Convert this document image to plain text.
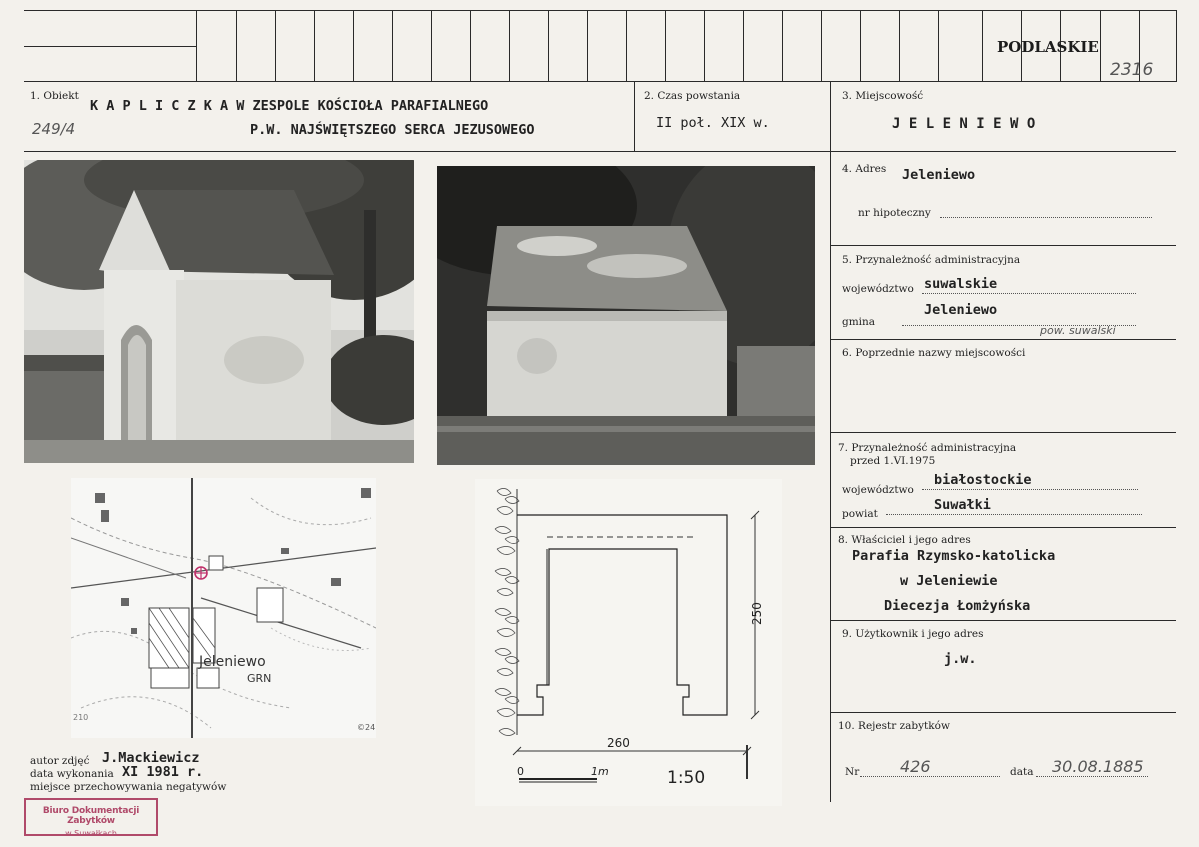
PODLASKIE
2316
1. Obiekt
249/4
K A P L I C Z K A W ZESPOLE KOŚCIOŁA PARAFIALNEGO
P.W. NAJŚWIĘTSZEGO SERCA JEZUSOWEGO
2. Czas powstania
II poł. XIX w.
3. Miejscowość
J E L E N I E W O
4. Adres Jeleniewo
nr hipoteczny
5. Przynależność administracyjna
województwo suwalskie
gmina
Jeleniewo
pow. suwalski
6. Poprzednie nazwy miejscowości
7. Przynależność administracyjna
przed 1.VI.1975
województwo
białostockie
powiat
Suwałki
8. Właściciel i jego adres
Parafia Rzymsko-katolicka
w Jeleniewie
Diecezja Łomżyńska
9. Użytkownik i jego adres
j.w.
10. Rejestr zabytków
Nr	426	data 30.08.1885
Jeleniewo
GRN
210
©24
250
260
0	1m	1:50
autor zdjęć J.Mackiewicz
data wykonania XI 1981 r.
miejsce przechowywania negatywów
Biuro Dokumentacji Zabytków
w Suwałkach
